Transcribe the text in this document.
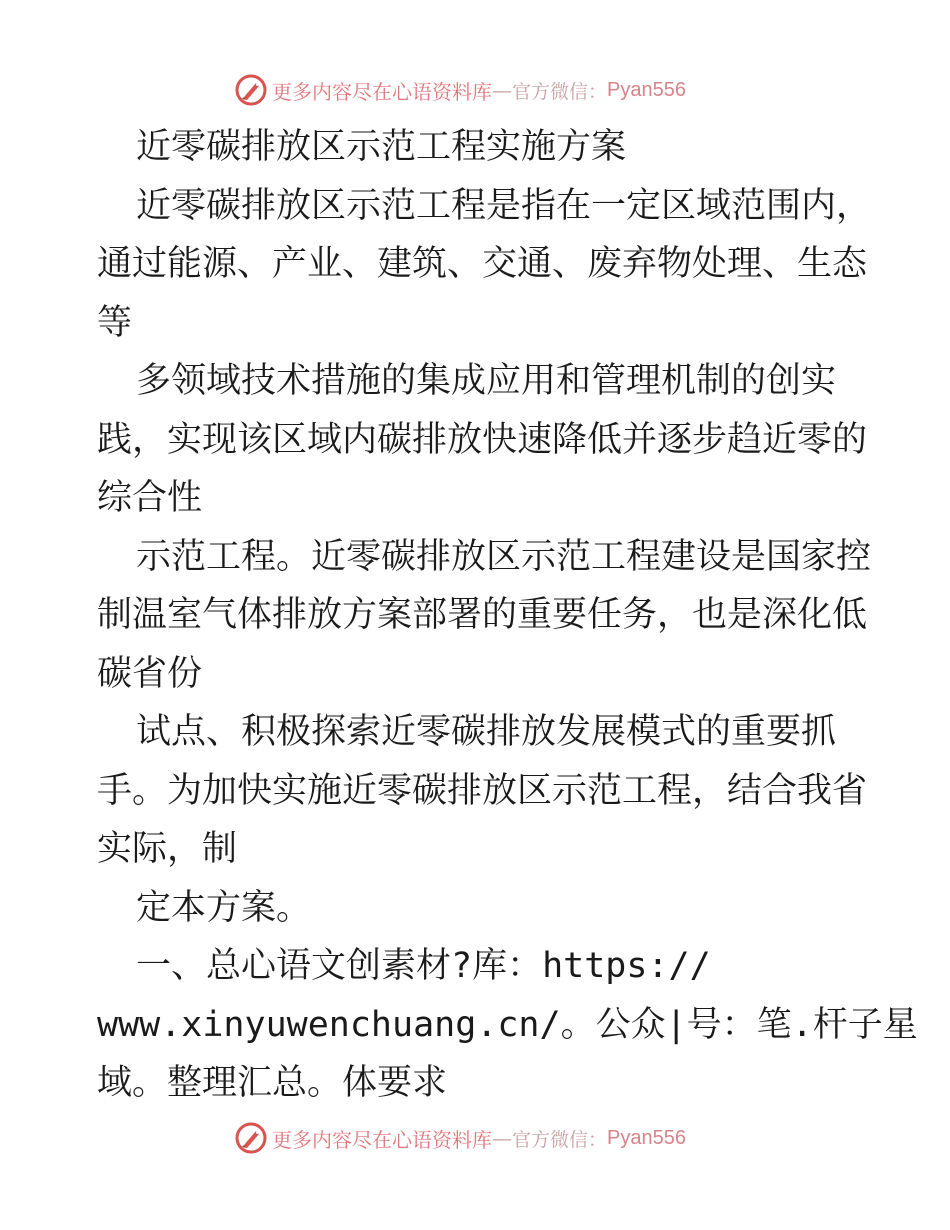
更多内容尽在心语资料库 — 官方微信： Pyan556
近零碳排放区示范工程实施方案
近零碳排放区示范工程是指在一定区域范围内，
通过能源、产业、建筑、交通、废弃物处理、生态
等
多领域技术措施的集成应用和管理机制的创实
践，实现该区域内碳排放快速降低并逐步趋近零的
综合性
示范工程。近零碳排放区示范工程建设是国家控
制温室气体排放方案部署的重要任务，也是深化低
碳省份
试点、积极探索近零碳排放发展模式的重要抓
手。为加快实施近零碳排放区示范工程，结合我省
实际，制
定本方案。
一、总心语文创素材?库：https://
www.xinyuwenchuang.cn/。公众|号：笔.杆子星
域。整理汇总。体要求
更多内容尽在心语资料库 — 官方微信： Pyan556
